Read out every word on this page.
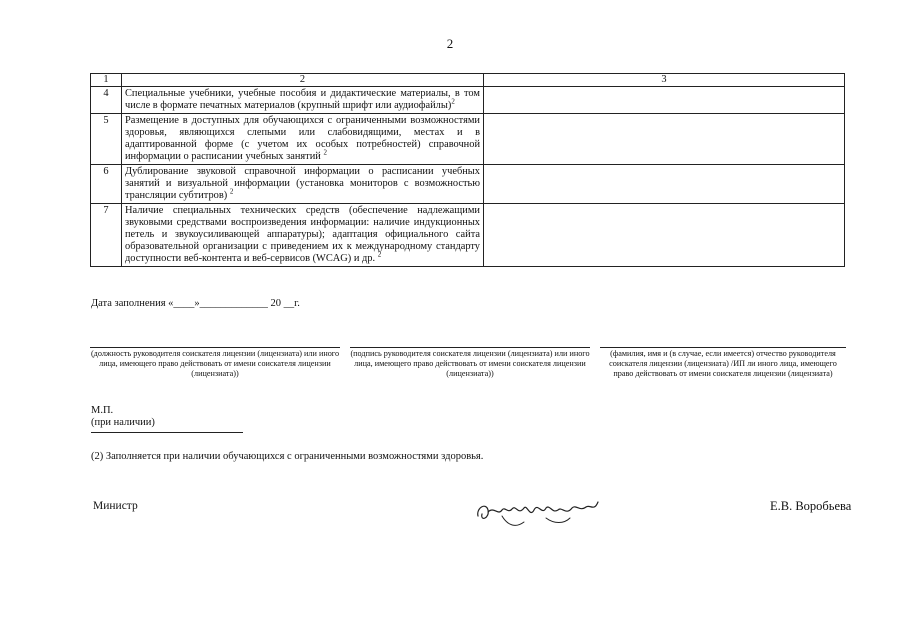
2
1	2	3
4	Специальные учебники, учебные пособия и дидактические материалы, в том числе в формате печатных материалов (крупный шрифт или аудиофайлы)$^2$	
5	Размещение в доступных для обучающихся с ограниченными возможностями здоровья, являющихся слепыми или слабовидящими, местах и в адаптированной форме (с учетом их особых потребностей) справочной информации о расписании учебных занятий $^2$	
6	Дублирование звуковой справочной информации о расписании учебных занятий и визуальной информации (установка мониторов с возможностью трансляции субтитров) $^2$	
7	Наличие специальных технических средств (обеспечение надлежащими звуковыми средствами воспроизведения информации: наличие индукционных петель и звукоусиливающей аппаратуры); адаптация официального сайта образовательной организации с приведением их к международному стандарту доступности веб-контента и веб-сервисов (WCAG) и др. $^2$	
Дата заполнения «____»_____________ 20 __г.
(должность руководителя соискателя лицензии (лицензиата) или иного лица, имеющего право действовать от имени соискателя лицензии (лицензиата))
(подпись руководителя соискателя лицензии (лицензиата) или иного лица, имеющего право действовать от имени соискателя лицензии (лицензиата))
(фамилия, имя и (в случае, если имеется) отчество руководителя соискателя лицензии (лицензиата) /ИП ли иного лица, имеющего право действовать от имени соискателя лицензии (лицензиата)
М.П.
(при наличии)
(2) Заполняется при наличии обучающихся с ограниченными возможностями здоровья.
Министр	Е.В. Воробьева
